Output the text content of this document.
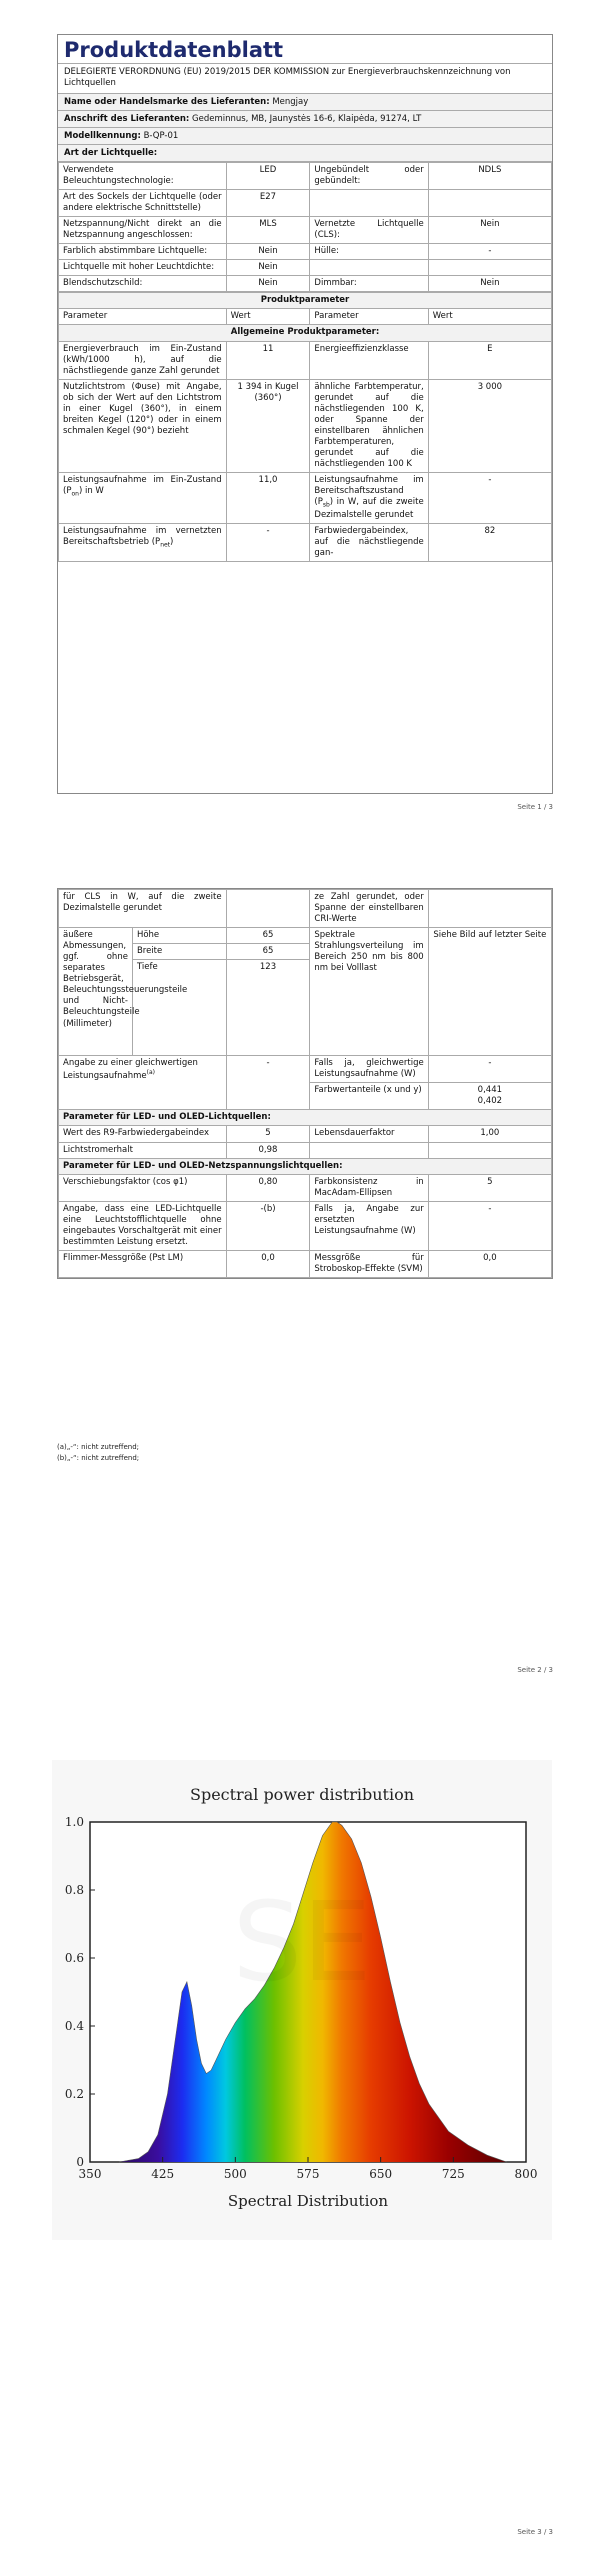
Produktdatenblatt
DELEGIERTE VERORDNUNG (EU) 2019/2015 DER KOMMISSION zur Energieverbrauchskennzeichnung von Lichtquellen
Name oder Handelsmarke des Lieferanten: Mengjay
Anschrift des Lieferanten: Gedeminnus, MB, Jaunystės 16-6, Klaipėda, 91274, LT
Modellkennung: B-QP-01
Art der Lichtquelle:
Verwendete Beleuchtungstechnologie:	LED	Ungebündelt oder gebündelt:	NDLS
Art des Sockels der Lichtquelle (oder andere elektrische Schnittstelle)	E27		
Netzspannung/Nicht direkt an die Netzspannung angeschlossen:	MLS	Vernetzte Lichtquelle (CLS):	Nein
Farblich abstimmbare Lichtquelle:	Nein	Hülle:	-
Lichtquelle mit hoher Leuchtdichte:	Nein		
Blendschutzschild:	Nein	Dimmbar:	Nein
Produktparameter			
Parameter	Wert	Parameter	Wert
Allgemeine Produktparameter:			
Energieverbrauch im Ein-Zustand (kWh/1000 h), auf die nächstliegende ganze Zahl gerundet	11	Energieeffizienzklasse	E
Nutzlichtstrom (Φuse) mit Angabe, ob sich der Wert auf den Lichtstrom in einer Kugel (360°), in einem breiten Kegel (120°) oder in einem schmalen Kegel (90°) bezieht	1 394 in Kugel (360°)	ähnliche Farbtemperatur, gerundet auf die nächstliegenden 100 K, oder Spanne der einstellbaren ähnlichen Farbtemperaturen, gerundet auf die nächstliegenden 100 K	3 000
Leistungsaufnahme im Ein-Zustand $(P_{on})$ in W	11,0	Leistungsaufnahme im Bereitschaftszustand $(P_{sb})$ in W, auf die zweite Dezimalstelle gerundet	-
Leistungsaufnahme im vernetzten Bereitschaftsbetrieb $(P_{net})$	-	Farbwiedergabeindex, auf die nächstliegende gan-	82
Seite 1 / 3
für CLS in W, auf die zweite Dezimalstelle gerundet			ze Zahl gerundet, oder Spanne der einstellbaren CRI-Werte	
äußere Abmessungen, ggf. ohne separates Betriebsgerät, Beleuchtungssteuerungsteile und Nicht-Beleuchtungsteile (Millimeter)	Höhe	65	Spektrale Strahlungsverteilung im Bereich 250 nm bis 800 nm bei Volllast	Siehe Bild auf letzter Seite
	Breite	65		
	Tiefe	123		
Angabe zu einer gleichwertigen Leistungsaufnahme$^{(a)}$		-	Falls ja, gleichwertige Leistungsaufnahme (W)	-
			Farbwertanteile (x und y)	0,441
0,402

Parameter für LED- und OLED-Lichtquellen:				
Wert des R9-Farbwiedergabeindex		5	Lebensdauerfaktor	1,00
Lichtstromerhalt		0,98		
Parameter für LED- und OLED-Netzspannungslichtquellen:				
Verschiebungsfaktor (cos φ1)		0,80	Farbkonsistenz in MacAdam-Ellipsen	5
Angabe, dass eine LED-Lichtquelle eine Leuchtstofflichtquelle ohne eingebautes Vorschaltgerät mit einer bestimmten Leistung ersetzt.		-(b)	Falls ja, Angabe zur ersetzten Leistungsaufnahme (W)	-
Flimmer-Messgröße (Pst LM)		0,0	Messgröße für Stroboskop-Effekte (SVM)	0,0
(a)„-“: nicht zutreffend;
(b)„-“: nicht zutreffend;
Seite 2 / 3
Spectral power distribution
350	425	500	575	650	725	800
0
0.2
0.4
0.6
0.8
1.0
Spectral Distribution
SE
Seite 3 / 3
